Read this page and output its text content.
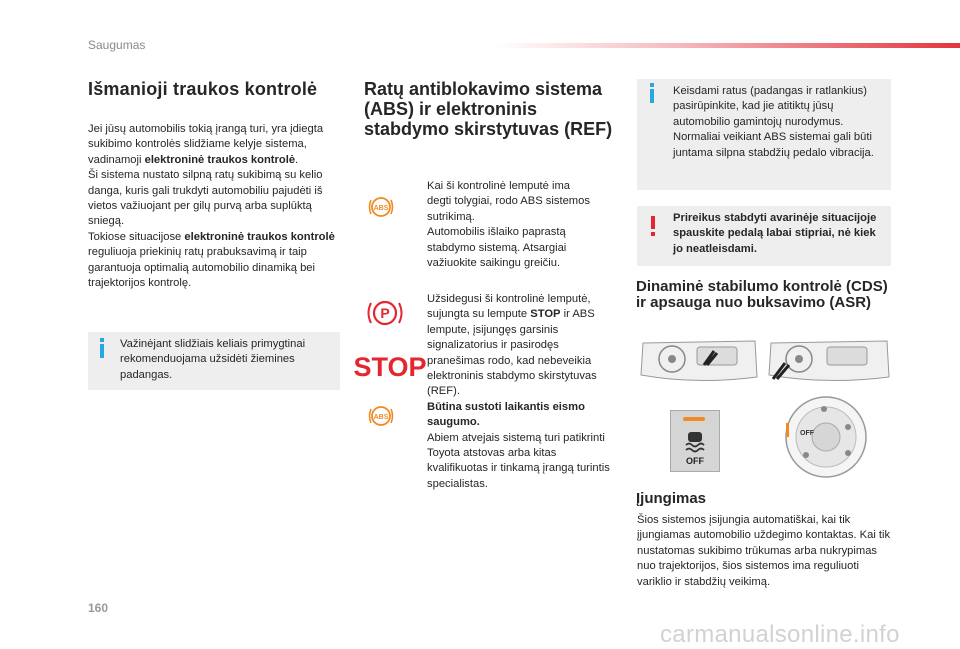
Saugumas
Išmanioji traukos kontrolė

Jei jūsų automobilis tokią įrangą turi, yra įdiegta sukibimo kontrolės slidžiame kelyje sistema, vadinamoji elektroninė traukos kontrolė.

Ši sistema nustato silpną ratų sukibimą su kelio danga, kuris gali trukdyti automobiliu pajudėti iš vietos važiuojant per gilų purvą arba suplūktą sniegą.

Tokiose situacijose elektroninė traukos kontrolė reguliuoja priekinių ratų prabuksavimą ir taip garantuoja optimalią automobilio dinamiką bei trajektorijos kontrolę.

Važinėjant slidžiais keliais primygtinai rekomenduojama užsidėti žiemines padangas.
Ratų antiblokavimo sistema (ABS) ir elektroninis stabdymo skirstytuvas (REF)
ABS

Kai ši kontrolinė lemputė ima degti tolygiai, rodo ABS sistemos sutrikimą.

Automobilis išlaiko paprastą stabdymo sistemą. Atsargiai važiuokite saikingu greičiu.

P
STOP
ABS

Užsidegusi ši kontrolinė lemputė, sujungta su lempute STOP ir ABS lempute, įsijungęs garsinis signalizatorius ir pasirodęs pranešimas rodo, kad nebeveikia elektroninis stabdymo skirstytuvas (REF).

Būtina sustoti laikantis eismo saugumo.

Abiem atvejais sistemą turi patikrinti Toyota atstovas arba kitas kvalifikuotas ir tinkamą įrangą turintis specialistas.

Keisdami ratus (padangas ir ratlankius) pasirūpinkite, kad jie atitiktų jūsų automobilio gamintojų nurodymus. Normaliai veikiant ABS sistemai gali būti juntama silpna stabdžių pedalo vibracija.
Prireikus stabdyti avarinėje situacijoje spauskite pedalą labai stipriai, nė kiek jo neatleisdami.
Dinaminė stabilumo kontrolė (CDS) ir apsauga nuo buksavimo (ASR)
OFF
OFF
Įjungimas
Šios sistemos įsijungia automatiškai, kai tik įjungiamas automobilio uždegimo kontaktas. Kai tik nustatomas sukibimo trūkumas arba nukrypimas nuo trajektorijos, šios sistemos ima reguliuoti variklio ir stabdžių veikimą.
160
carmanualsonline.info
